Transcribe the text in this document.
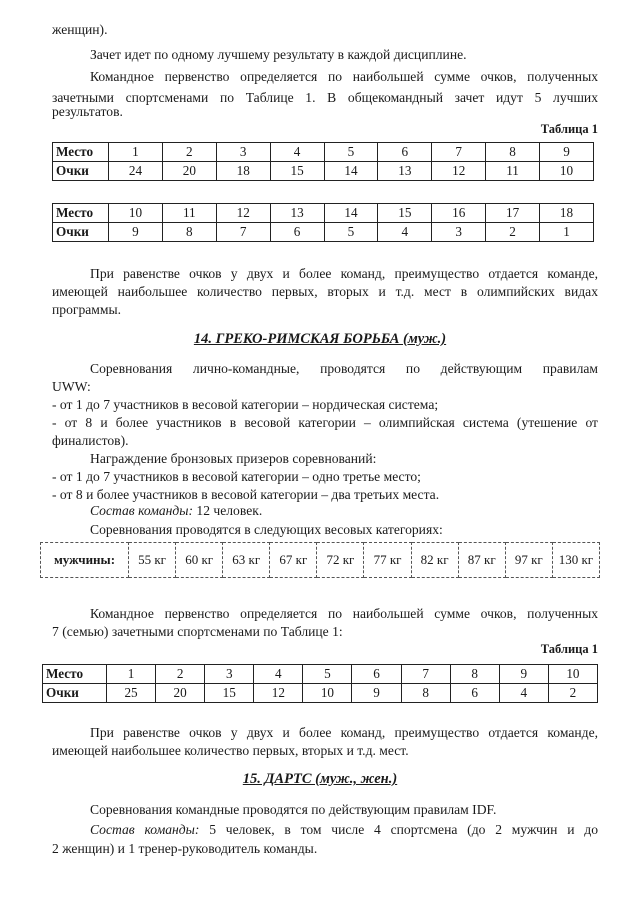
женщин).
Зачет идет по одному лучшему результату в каждой дисциплине.
Командное первенство определяется по наибольшей сумме очков, полученных
зачетными спортсменами по Таблице 1. В общекомандный зачет идут 5 лучших
результатов.
Таблица 1
Место	1	2	3	4	5	6	7	8	9
Очки	24	20	18	15	14	13	12	11	10
Место	10	11	12	13	14	15	16	17	18
Очки	9	8	7	6	5	4	3	2	1
При равенстве очков у двух и более команд, преимущество отдается команде,
имеющей наибольшее количество первых, вторых и т.д. мест в олимпийских видах
программы.
14. ГРЕКО-РИМСКАЯ БОРЬБА (муж.)
Соревнования лично-командные, проводятся по действующим правилам
UWW:
- от 1 до 7 участников в весовой категории – нордическая система;
- от 8 и более участников в весовой категории – олимпийская система (утешение от
финалистов).
Награждение бронзовых призеров соревнований:
- от 1 до 7 участников в весовой категории – одно третье место;
- от 8 и более участников в весовой категории – два третьих места.
Состав команды: 12 человек.
Соревнования проводятся в следующих весовых категориях:
мужчины:	55 кг	60 кг	63 кг	67 кг	72 кг	77 кг	82 кг	87 кг	97 кг	130 кг
Командное первенство определяется по наибольшей сумме очков, полученных
7 (семью) зачетными спортсменами по Таблице 1:
Таблица 1
Место	1	2	3	4	5	6	7	8	9	10
Очки	25	20	15	12	10	9	8	6	4	2
При равенстве очков у двух и более команд, преимущество отдается команде,
имеющей наибольшее количество первых, вторых и т.д. мест.
15. ДАРТС (муж., жен.)
Соревнования командные проводятся по действующим правилам IDF.
Состав команды: 5 человек, в том числе 4 спортсмена (до 2 мужчин и до
2 женщин) и 1 тренер-руководитель команды.
